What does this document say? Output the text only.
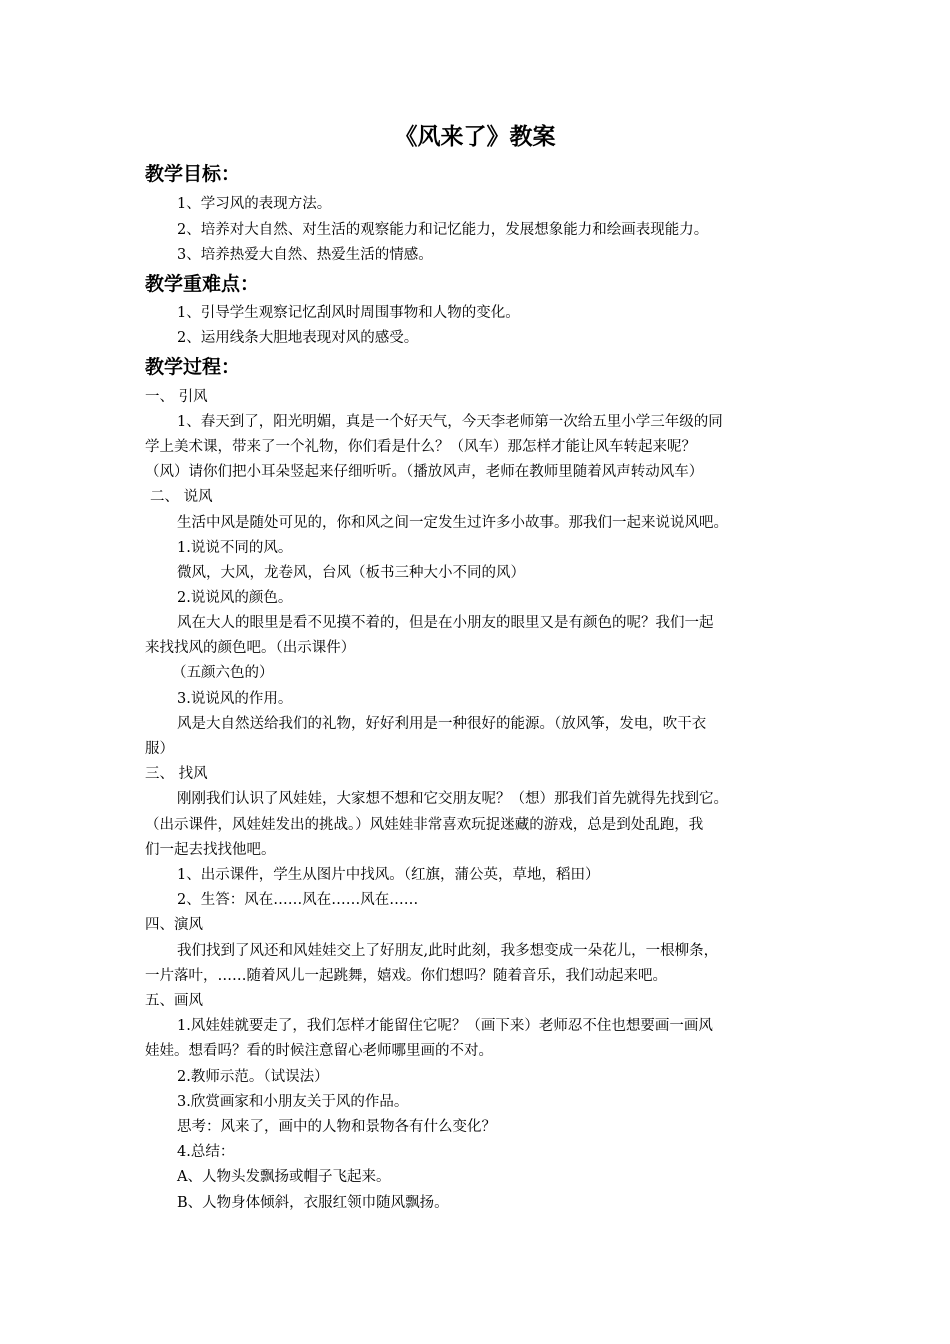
《风来了》教案
教学目标：
1、学习风的表现方法。
2、培养对大自然、对生活的观察能力和记忆能力，发展想象能力和绘画表现能力。
3、培养热爱大自然、热爱生活的情感。
教学重难点：
1、引导学生观察记忆刮风时周围事物和人物的变化。
2、运用线条大胆地表现对风的感受。
教学过程：
一、 引风
1、春天到了，阳光明媚，真是一个好天气，今天李老师第一次给五里小学三年级的同
学上美术课，带来了一个礼物，你们看是什么？（风车）那怎样才能让风车转起来呢？
（风）请你们把小耳朵竖起来仔细听听。（播放风声，老师在教师里随着风声转动风车）
二、 说风
生活中风是随处可见的，你和风之间一定发生过许多小故事。那我们一起来说说风吧。
1.说说不同的风。
微风，大风，龙卷风，台风（板书三种大小不同的风）
2.说说风的颜色。
风在大人的眼里是看不见摸不着的，但是在小朋友的眼里又是有颜色的呢？我们一起
来找找风的颜色吧。（出示课件）
（五颜六色的）
3.说说风的作用。
风是大自然送给我们的礼物，好好利用是一种很好的能源。（放风筝，发电，吹干衣
服）
三、 找风
刚刚我们认识了风娃娃，大家想不想和它交朋友呢？（想）那我们首先就得先找到它。
（出示课件，风娃娃发出的挑战。）风娃娃非常喜欢玩捉迷藏的游戏，总是到处乱跑，我
们一起去找找他吧。
1、出示课件，学生从图片中找风。（红旗，蒲公英，草地，稻田）
2、生答：风在……风在……风在……
四、演风
我们找到了风还和风娃娃交上了好朋友,此时此刻，我多想变成一朵花儿，一根柳条，
一片落叶，……随着风儿一起跳舞，嬉戏。你们想吗？随着音乐，我们动起来吧。
五、画风
1.风娃娃就要走了，我们怎样才能留住它呢？（画下来）老师忍不住也想要画一画风
娃娃。想看吗？看的时候注意留心老师哪里画的不对。
2.教师示范。（试误法）
3.欣赏画家和小朋友关于风的作品。
思考：风来了，画中的人物和景物各有什么变化？
4.总结：
A、人物头发飘扬或帽子飞起来。
B、人物身体倾斜，衣服红领巾随风飘扬。
